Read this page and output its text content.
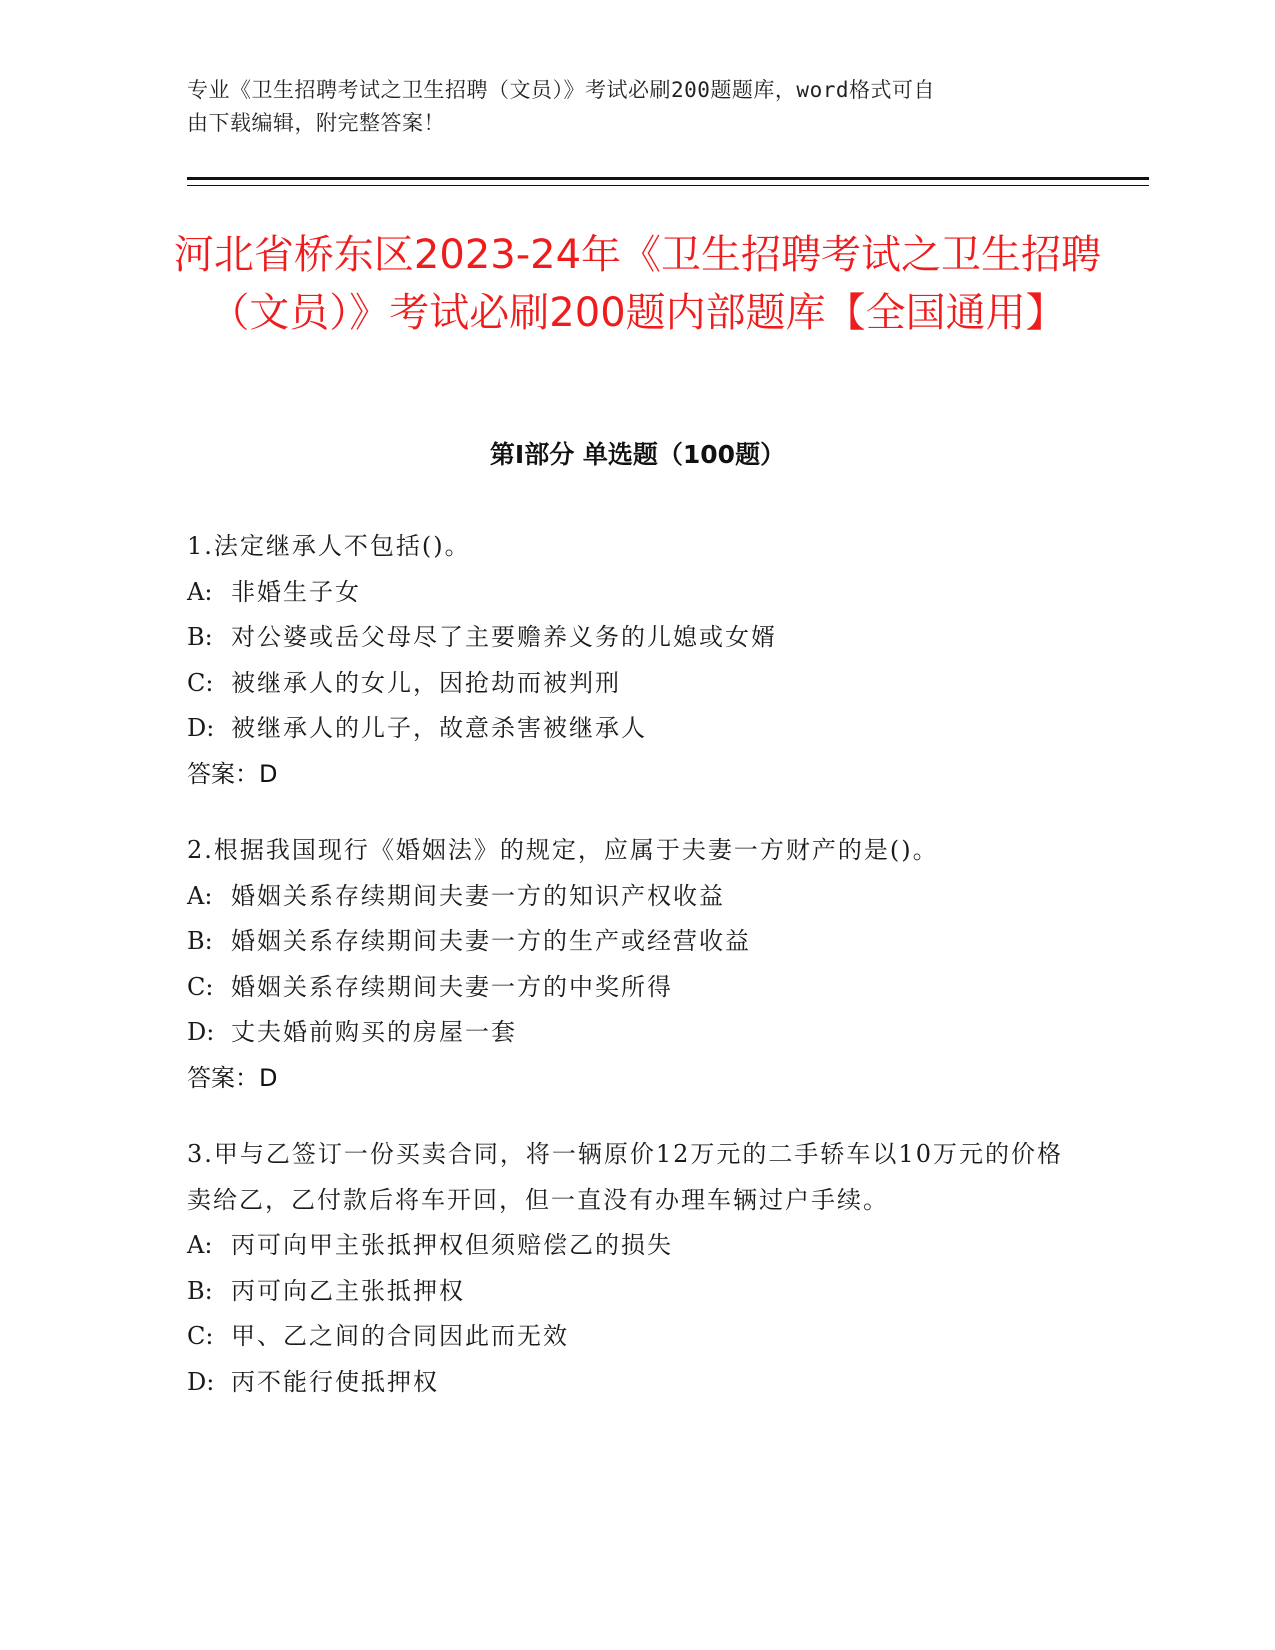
专业《卫生招聘考试之卫生招聘（文员）》考试必刷200题题库，word格式可自
由下载编辑，附完整答案！
河北省桥东区2023-24年《卫生招聘考试之卫生招聘（文员）》考试必刷200题内部题库【全国通用】
第I部分 单选题（100题）
1.法定继承人不包括()。
A: 非婚生子女
B: 对公婆或岳父母尽了主要赡养义务的儿媳或女婿
C: 被继承人的女儿，因抢劫而被判刑
D: 被继承人的儿子，故意杀害被继承人
答案：D
2.根据我国现行《婚姻法》的规定，应属于夫妻一方财产的是()。
A: 婚姻关系存续期间夫妻一方的知识产权收益
B: 婚姻关系存续期间夫妻一方的生产或经营收益
C: 婚姻关系存续期间夫妻一方的中奖所得
D: 丈夫婚前购买的房屋一套
答案：D
3.甲与乙签订一份买卖合同，将一辆原价12万元的二手轿车以10万元的价格卖给乙，乙付款后将车开回，但一直没有办理车辆过户手续。
A: 丙可向甲主张抵押权但须赔偿乙的损失
B: 丙可向乙主张抵押权
C: 甲、乙之间的合同因此而无效
D: 丙不能行使抵押权
